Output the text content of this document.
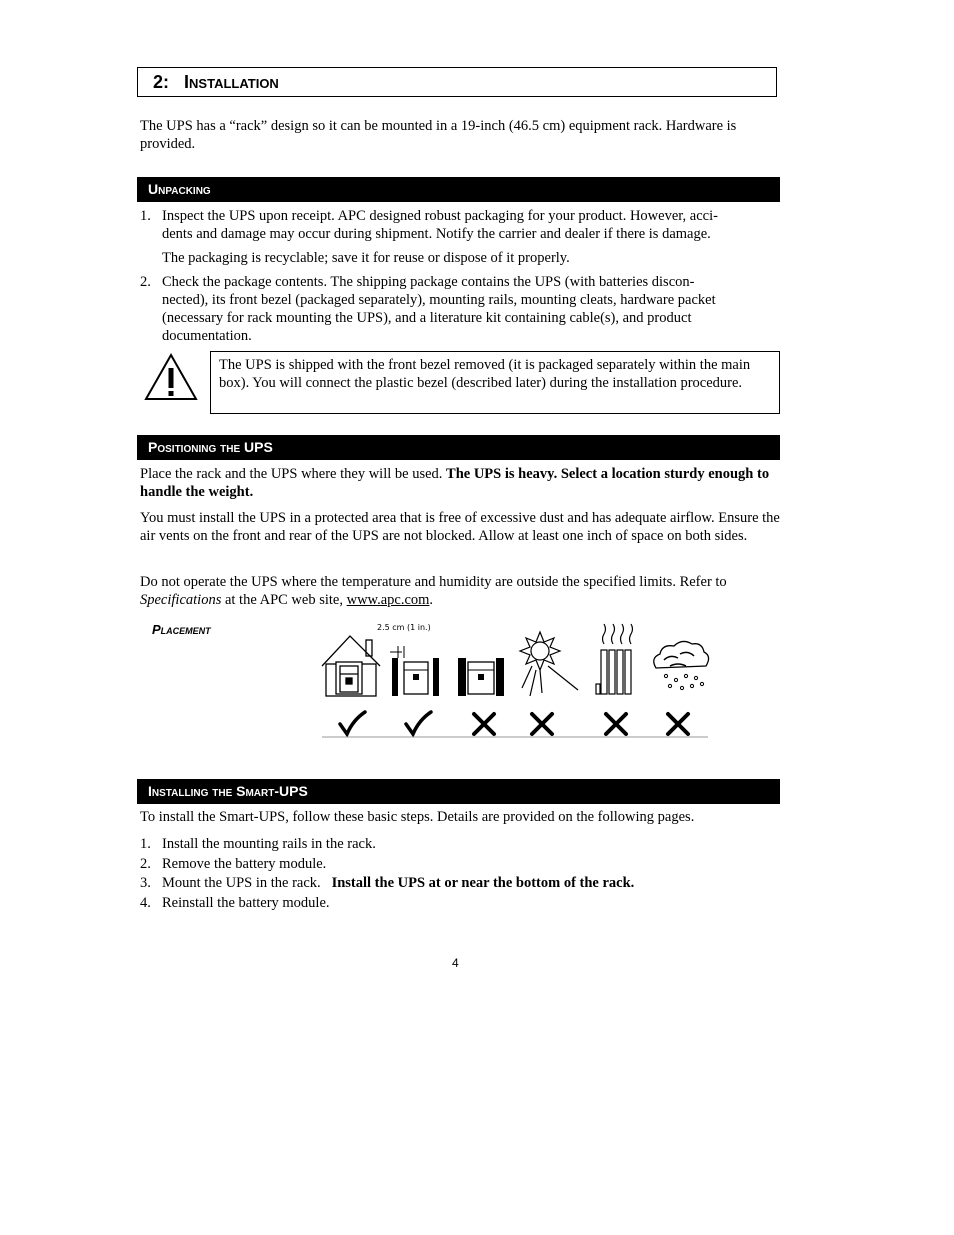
2: Installation
The UPS has a “rack” design so it can be mounted in a 19-inch (46.5 cm) equipment rack. Hardware is provided.
Unpacking
1. Inspect the UPS upon receipt. APC designed robust packaging for your product. However, acci-
dents and damage may occur during shipment. Notify the carrier and dealer if there is damage.
The packaging is recyclable; save it for reuse or dispose of it properly.
2. Check the package contents. The shipping package contains the UPS (with batteries discon-
nected), its front bezel (packaged separately), mounting rails, mounting cleats, hardware packet
(necessary for rack mounting the UPS), and a literature kit containing cable(s), and product
documentation.
The UPS is shipped with the front bezel removed (it is packaged separately within the main box). You will connect the plastic bezel (described later) during the installation procedure.
Positioning the UPS
Place the rack and the UPS where they will be used. The UPS is heavy. Select a location sturdy enough to handle the weight.
You must install the UPS in a protected area that is free of excessive dust and has adequate airflow. Ensure the air vents on the front and rear of the UPS are not blocked. Allow at least one inch of space on both sides.
Do not operate the UPS where the temperature and humidity are outside the specified limits. Refer to Specifications at the APC web site, www.apc.com.
Placement	2.5 cm (1 in.)
Installing the Smart-UPS
To install the Smart-UPS, follow these basic steps. Details are provided on the following pages.
1. Install the mounting rails in the rack.
2. Remove the battery module.
3. Mount the UPS in the rack. Install the UPS at or near the bottom of the rack.
4. Reinstall the battery module.
4
